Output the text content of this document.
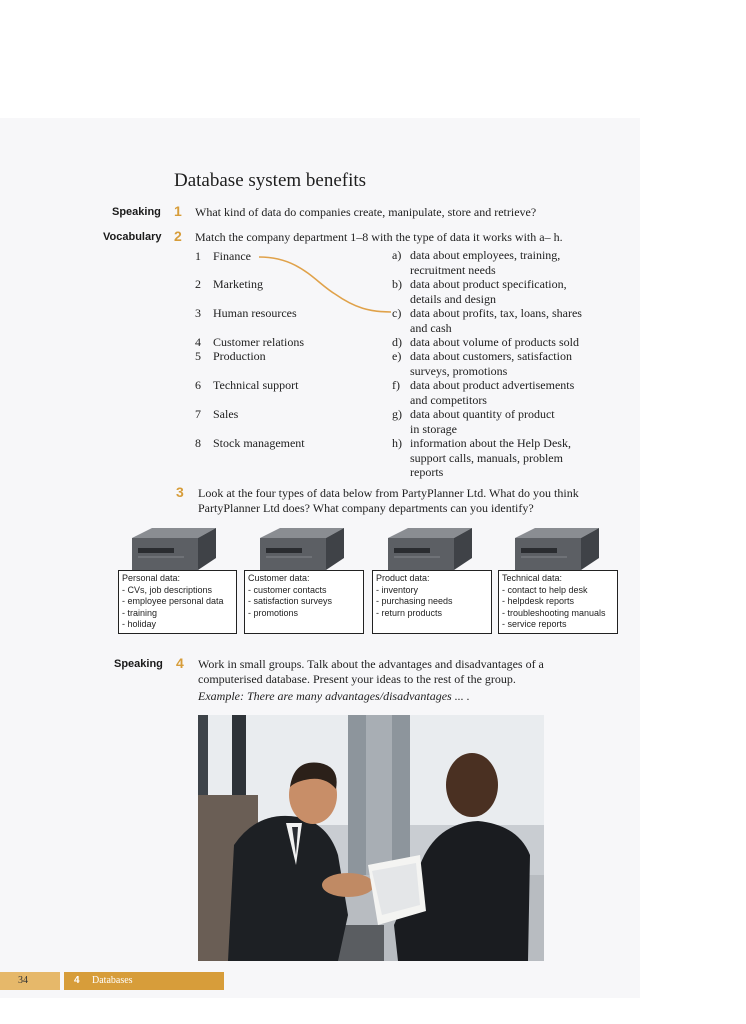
Database system benefits
Speaking 1 What kind of data do companies create, manipulate, store and retrieve?
Vocabulary 2 Match the company department 1–8 with the type of data it works with a– h.
1 Finance
2 Marketing
3 Human resources
4 Customer relations
5 Production
6 Technical support
7 Sales
8 Stock management
a) data about employees, training,
recruitment needs
b) data about product specification,
details and design
c) data about profits, tax, loans, shares
and cash
d) data about volume of products sold
e) data about customers, satisfaction
surveys, promotions
f) data about product advertisements
and competitors
g) data about quantity of product
in storage
h) information about the Help Desk,
support calls, manuals, problem
reports
3 Look at the four types of data below from PartyPlanner Ltd. What do you think
PartyPlanner Ltd does? What company departments can you identify?
Personal data:
- CVs, job descriptions
- employee personal data
- training
- holiday
Customer data:
- customer contacts
- satisfaction surveys
- promotions
Product data:
- inventory
- purchasing needs
- return products
Technical data:
- contact to help desk
- helpdesk reports
- troubleshooting manuals
- service reports
Speaking 4 Work in small groups. Talk about the advantages and disadvantages of a
computerised database. Present your ideas to the rest of the group.
Example: There are many advantages/disadvantages ... .
34	4 Databases
